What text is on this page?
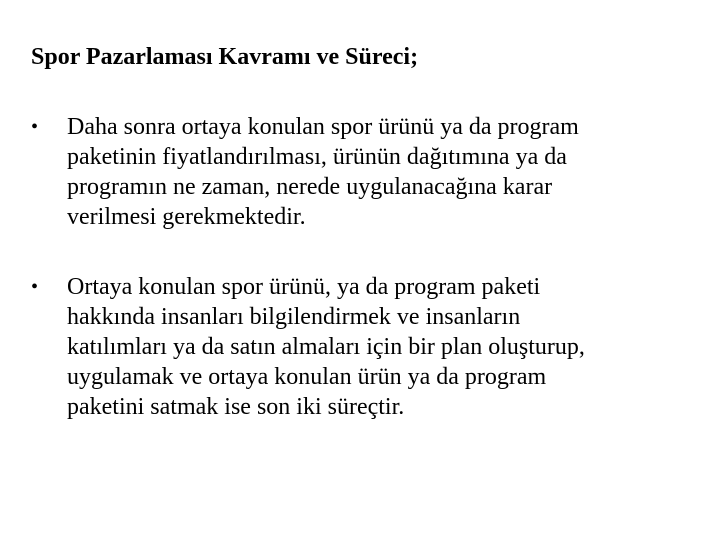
Spor Pazarlaması Kavramı ve Süreci;
•	Daha sonra ortaya konulan spor ürünü ya da program
paketinin fiyatlandırılması, ürünün dağıtımına ya da
programın ne zaman, nerede uygulanacağına karar
verilmesi gerekmektedir.
•	Ortaya konulan spor ürünü, ya da program paketi
hakkında insanları bilgilendirmek ve insanların
katılımları ya da satın almaları için bir plan oluşturup,
uygulamak ve ortaya konulan ürün ya da program
paketini satmak ise son iki süreçtir.
